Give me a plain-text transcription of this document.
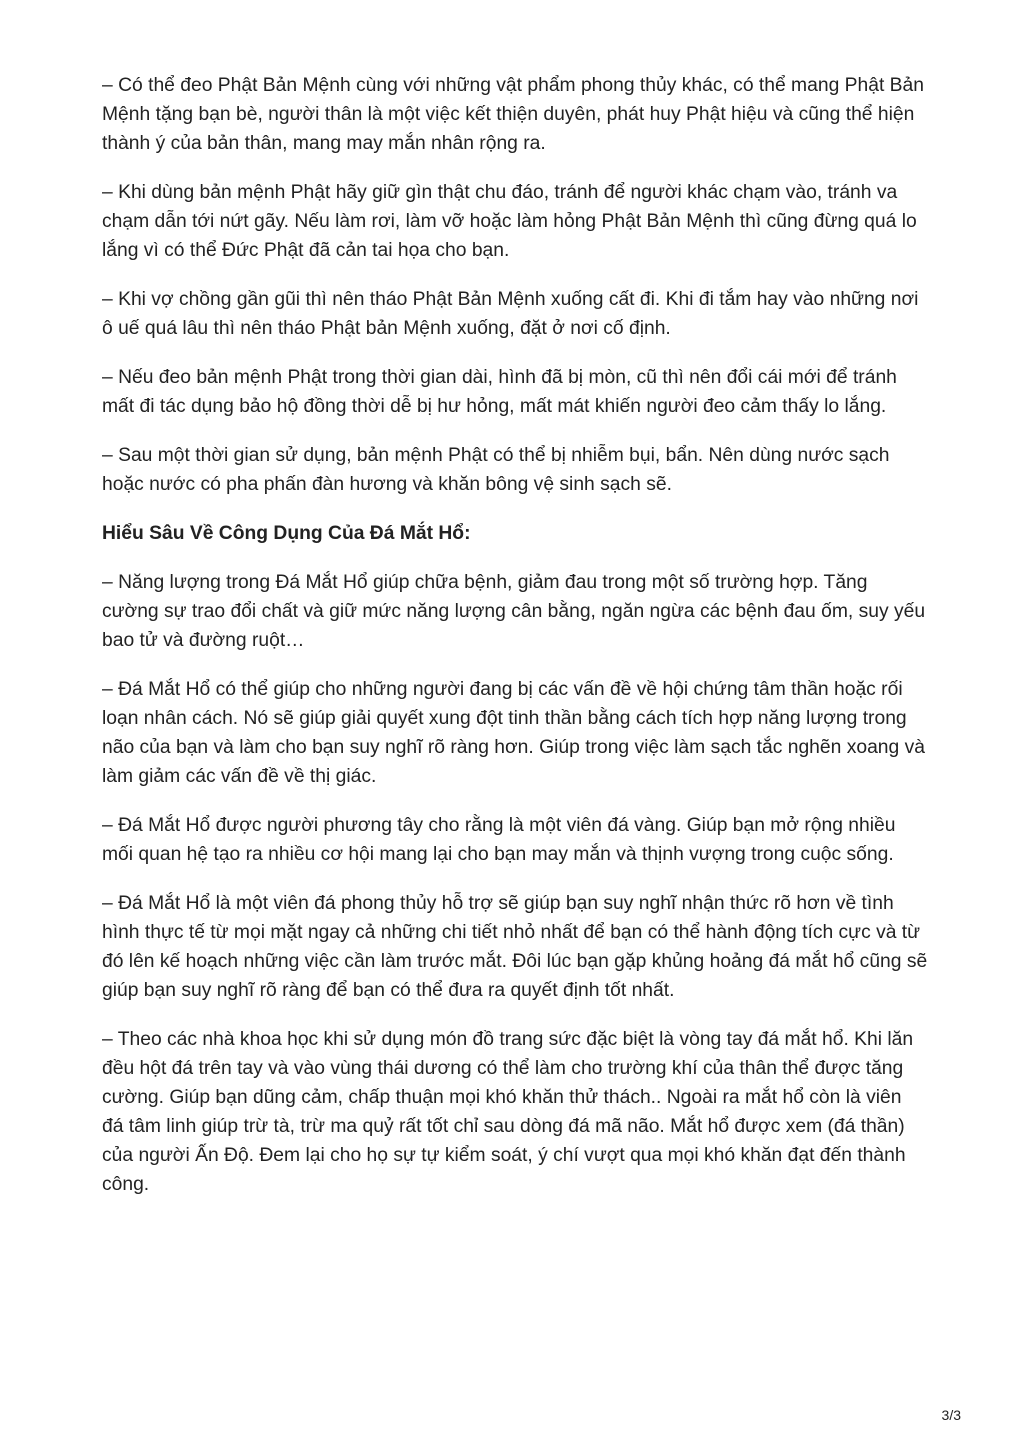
– Có thể đeo Phật Bản Mệnh cùng với những vật phẩm phong thủy khác, có thể mang Phật Bản Mệnh tặng bạn bè, người thân là một việc kết thiện duyên, phát huy Phật hiệu và cũng thể hiện thành ý của bản thân, mang may mắn nhân rộng ra.

– Khi dùng bản mệnh Phật hãy giữ gìn thật chu đáo, tránh để người khác chạm vào, tránh va chạm dẫn tới nứt gãy. Nếu làm rơi, làm vỡ hoặc làm hỏng Phật Bản Mệnh thì cũng đừng quá lo lắng vì có thể Đức Phật đã cản tai họa cho bạn.

– Khi vợ chồng gần gũi thì nên tháo Phật Bản Mệnh xuống cất đi. Khi đi tắm hay vào những nơi ô uế quá lâu thì nên tháo Phật bản Mệnh xuống, đặt ở nơi cố định.

– Nếu đeo bản mệnh Phật trong thời gian dài, hình đã bị mòn, cũ thì nên đổi cái mới để tránh mất đi tác dụng bảo hộ đồng thời dễ bị hư hỏng, mất mát khiến người đeo cảm thấy lo lắng.

– Sau một thời gian sử dụng, bản mệnh Phật có thể bị nhiễm bụi, bẩn. Nên dùng nước sạch hoặc nước có pha phấn đàn hương và khăn bông vệ sinh sạch sẽ.

Hiểu Sâu Về Công Dụng Của Đá Mắt Hổ:

– Năng lượng trong Đá Mắt Hổ giúp chữa bệnh, giảm đau trong một số trường hợp. Tăng cường sự trao đổi chất và giữ mức năng lượng cân bằng, ngăn ngừa các bệnh đau ốm, suy yếu bao tử và đường ruột…

– Đá Mắt Hổ có thể giúp cho những người đang bị các vấn đề về hội chứng tâm thần hoặc rối loạn nhân cách. Nó sẽ giúp giải quyết xung đột tinh thần bằng cách tích hợp năng lượng trong não của bạn và làm cho bạn suy nghĩ rõ ràng hơn. Giúp trong việc làm sạch tắc nghẽn xoang và làm giảm các vấn đề về thị giác.

– Đá Mắt Hổ được người phương tây cho rằng là một viên đá vàng. Giúp bạn mở rộng nhiều mối quan hệ tạo ra nhiều cơ hội mang lại cho bạn may mắn và thịnh vượng trong cuộc sống.

– Đá Mắt Hổ là một viên đá phong thủy hỗ trợ sẽ giúp bạn suy nghĩ nhận thức rõ hơn về tình hình thực tế từ mọi mặt ngay cả những chi tiết nhỏ nhất để bạn có thể hành động tích cực và từ đó lên kế hoạch những việc cần làm trước mắt. Đôi lúc bạn gặp khủng hoảng đá mắt hổ cũng sẽ giúp bạn suy nghĩ rõ ràng để bạn có thể đưa ra quyết định tốt nhất.

– Theo các nhà khoa học khi sử dụng món đồ trang sức đặc biệt là vòng tay đá mắt hổ. Khi lăn đều hột đá trên tay và vào vùng thái dương có thể làm cho trường khí của thân thể được tăng cường. Giúp bạn dũng cảm, chấp thuận mọi khó khăn thử thách.. Ngoài ra mắt hổ còn là viên đá tâm linh giúp trừ tà, trừ ma quỷ rất tốt chỉ sau dòng đá mã não. Mắt hổ được xem (đá thần) của người Ấn Độ. Đem lại cho họ sự tự kiểm soát, ý chí vượt qua mọi khó khăn đạt đến thành công.

3/3
